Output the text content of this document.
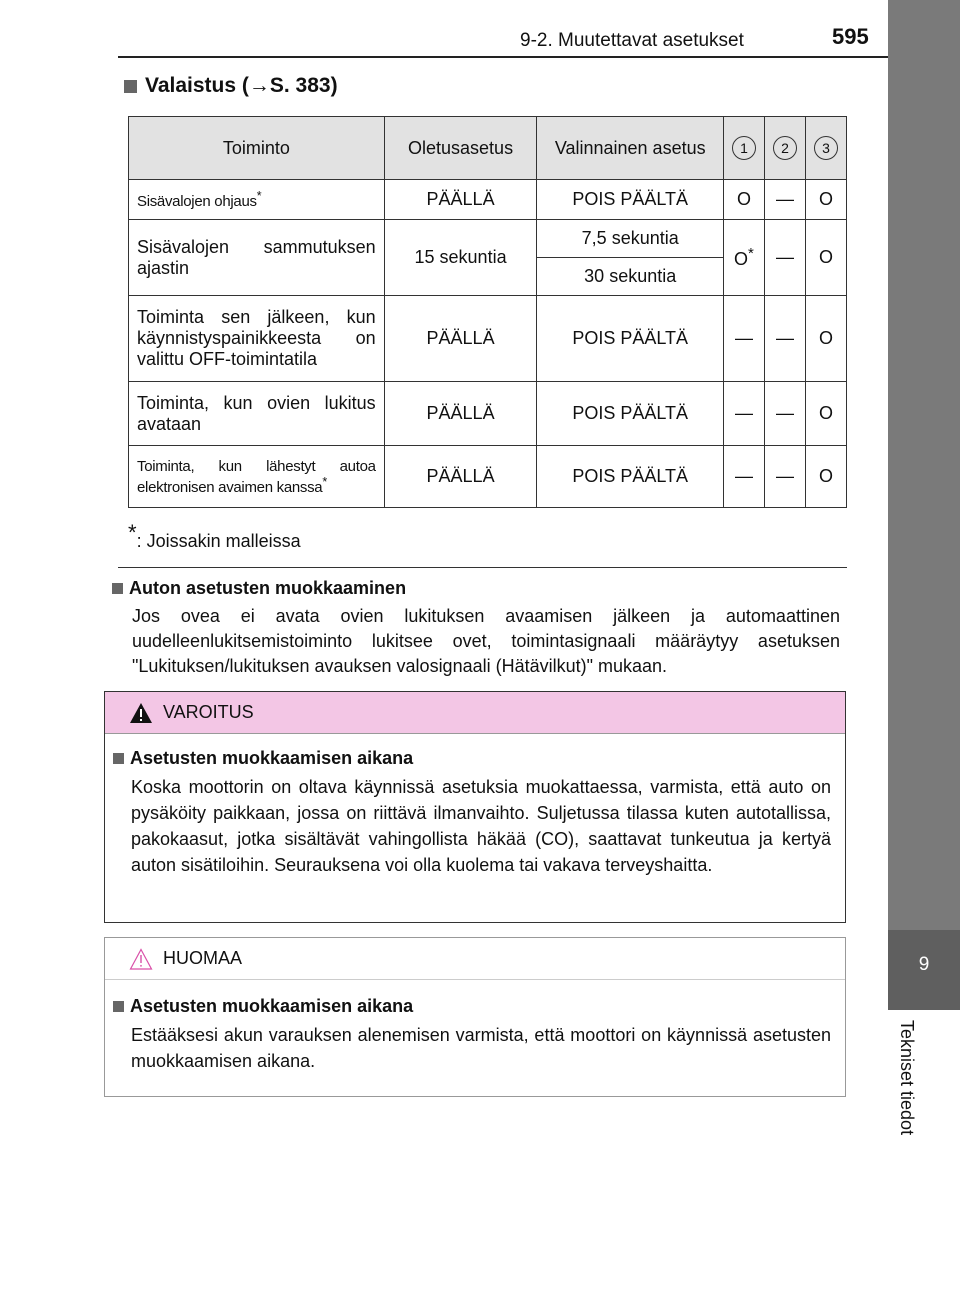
9-2. Muutettavat asetukset	595
9
Tekniset tiedot
Valaistus (→S. 383)
Toiminto	Oletusasetus	Valinnainen asetus	1	2	3
Sisävalojen ohjaus*	PÄÄLLÄ	POIS PÄÄLTÄ	O	—	O
Sisävalojen sammutuksen ajastin	15 sekuntia	7,5 sekuntia	O*	—	O
		30 sekuntia			
Toiminta sen jälkeen, kun käynnistyspainikkeesta on valittu OFF-toimintatila	PÄÄLLÄ	POIS PÄÄLTÄ	—	—	O
Toiminta, kun ovien lukitus avataan	PÄÄLLÄ	POIS PÄÄLTÄ	—	—	O
Toiminta, kun lähestyt autoa elektronisen avaimen kanssa*	PÄÄLLÄ	POIS PÄÄLTÄ	—	—	O
*: Joissakin malleissa
Auton asetusten muokkaaminen
Jos ovea ei avata ovien lukituksen avaamisen jälkeen ja automaattinen uudelleenlukitsemistoiminto lukitsee ovet, toimintasignaali määräytyy asetuksen "Lukituksen/lukituksen avauksen valosignaali (Hätävilkut)" mukaan.
VAROITUS
Asetusten muokkaamisen aikana
Koska moottorin on oltava käynnissä asetuksia muokattaessa, varmista, että auto on pysäköity paikkaan, jossa on riittävä ilmanvaihto. Suljetussa tilassa kuten autotallissa, pakokaasut, jotka sisältävät vahingollista häkää (CO), saattavat tunkeutua ja kertyä auton sisätiloihin. Seurauksena voi olla kuolema tai vakava terveyshaitta.
HUOMAA
Asetusten muokkaamisen aikana
Estääksesi akun varauksen alenemisen varmista, että moottori on käynnissä asetusten muokkaamisen aikana.
